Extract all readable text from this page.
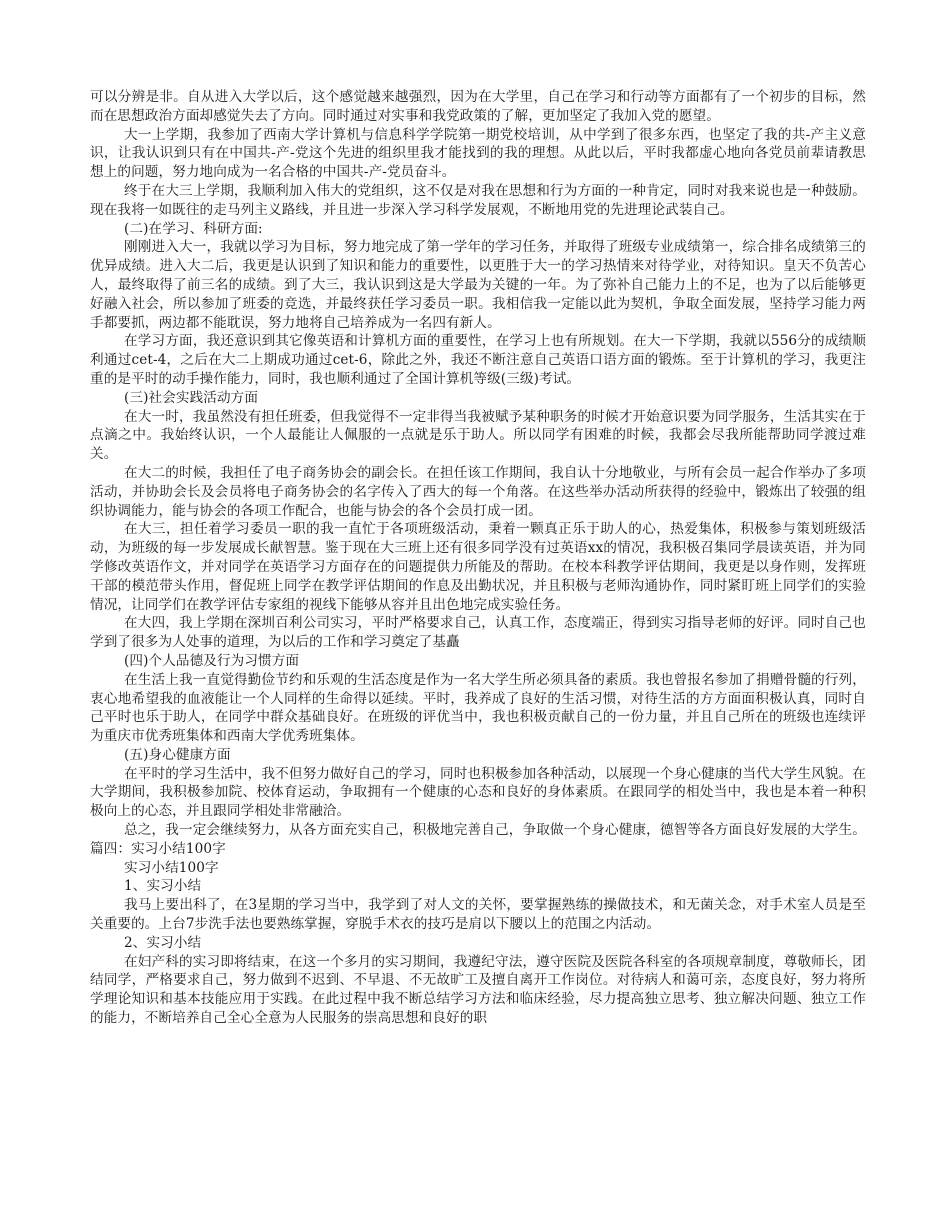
可以分辨是非。自从进入大学以后，这个感觉越来越强烈，因为在大学里，自己在学习和行动等方面都有了一个初步的目标，然而在思想政治方面却感觉失去了方向。同时通过对实事和我党政策的了解，更加坚定了我加入党的愿望。

大一上学期，我参加了西南大学计算机与信息科学学院第一期党校培训，从中学到了很多东西，也坚定了我的共-产主义意识，让我认识到只有在中国共-产-党这个先进的组织里我才能找到的我的理想。从此以后，平时我都虚心地向各党员前辈请教思想上的问题，努力地向成为一名合格的中国共-产-党员奋斗。

终于在大三上学期，我顺利加入伟大的党组织，这不仅是对我在思想和行为方面的一种肯定，同时对我来说也是一种鼓励。现在我将一如既往的走马列主义路线，并且进一步深入学习科学发展观，不断地用党的先进理论武装自己。

(二)在学习、科研方面:

刚刚进入大一，我就以学习为目标，努力地完成了第一学年的学习任务，并取得了班级专业成绩第一，综合排名成绩第三的优异成绩。进入大二后，我更是认识到了知识和能力的重要性，以更胜于大一的学习热情来对待学业，对待知识。皇天不负苦心人，最终取得了前三名的成绩。到了大三，我认识到这是大学最为关键的一年。为了弥补自己能力上的不足，也为了以后能够更好融入社会，所以参加了班委的竞选，并最终获任学习委员一职。我相信我一定能以此为契机，争取全面发展，坚持学习能力两手都要抓，两边都不能耽误，努力地将自己培养成为一名四有新人。

在学习方面，我还意识到其它像英语和计算机方面的重要性，在学习上也有所规划。在大一下学期，我就以556分的成绩顺利通过cet-4，之后在大二上期成功通过cet-6，除此之外，我还不断注意自己英语口语方面的锻炼。至于计算机的学习，我更注重的是平时的动手操作能力，同时，我也顺利通过了全国计算机等级(三级)考试。

(三)社会实践活动方面

在大一时，我虽然没有担任班委，但我觉得不一定非得当我被赋予某种职务的时候才开始意识要为同学服务，生活其实在于点滴之中。我始终认识，一个人最能让人佩服的一点就是乐于助人。所以同学有困难的时候，我都会尽我所能帮助同学渡过难关。

在大二的时候，我担任了电子商务协会的副会长。在担任该工作期间，我自认十分地敬业，与所有会员一起合作举办了多项活动，并协助会长及会员将电子商务协会的名字传入了西大的每一个角落。在这些举办活动所获得的经验中，锻炼出了较强的组织协调能力，能与协会的各项工作配合，也能与协会的各个会员打成一团。

在大三，担任着学习委员一职的我一直忙于各项班级活动，秉着一颗真正乐于助人的心，热爱集体，积极参与策划班级活动，为班级的每一步发展成长献智慧。鉴于现在大三班上还有很多同学没有过英语xx的情况，我积极召集同学晨读英语，并为同学修改英语作文，并对同学在英语学习方面存在的问题提供力所能及的帮助。在校本科教学评估期间，我更是以身作则，发挥班干部的模范带头作用，督促班上同学在教学评估期间的作息及出勤状况，并且积极与老师沟通协作，同时紧盯班上同学们的实验情况，让同学们在教学评估专家组的视线下能够从容并且出色地完成实验任务。

在大四，我上学期在深圳百利公司实习，平时严格要求自己，认真工作，态度端正，得到实习指导老师的好评。同时自己也学到了很多为人处事的道理，为以后的工作和学习奠定了基矗

(四)个人品德及行为习惯方面

在生活上我一直觉得勤俭节约和乐观的生活态度是作为一名大学生所必须具备的素质。我也曾报名参加了捐赠骨髓的行列，衷心地希望我的血液能让一个人同样的生命得以延续。平时，我养成了良好的生活习惯，对待生活的方方面面积极认真，同时自己平时也乐于助人，在同学中群众基础良好。在班级的评优当中，我也积极贡献自己的一份力量，并且自己所在的班级也连续评为重庆市优秀班集体和西南大学优秀班集体。

(五)身心健康方面

在平时的学习生活中，我不但努力做好自己的学习，同时也积极参加各种活动，以展现一个身心健康的当代大学生风貌。在大学期间，我积极参加院、校体育运动，争取拥有一个健康的心态和良好的身体素质。在跟同学的相处当中，我也是本着一种积极向上的心态，并且跟同学相处非常融洽。

总之，我一定会继续努力，从各方面充实自己，积极地完善自己，争取做一个身心健康，德智等各方面良好发展的大学生。篇四：实习小结100字

实习小结100字

1、实习小结

我马上要出科了，在3星期的学习当中，我学到了对人文的关怀，要掌握熟练的操做技术，和无菌关念，对手术室人员是至关重要的。上台7步洗手法也要熟练掌握，穿脱手术衣的技巧是肩以下腰以上的范围之内活动。

2、实习小结

在妇产科的实习即将结束，在这一个多月的实习期间，我遵纪守法，遵守医院及医院各科室的各项规章制度，尊敬师长，团结同学，严格要求自己，努力做到不迟到、不早退、不无故旷工及擅自离开工作岗位。对待病人和蔼可亲，态度良好，努力将所学理论知识和基本技能应用于实践。在此过程中我不断总结学习方法和临床经验，尽力提高独立思考、独立解决问题、独立工作的能力，不断培养自己全心全意为人民服务的崇高思想和良好的职
